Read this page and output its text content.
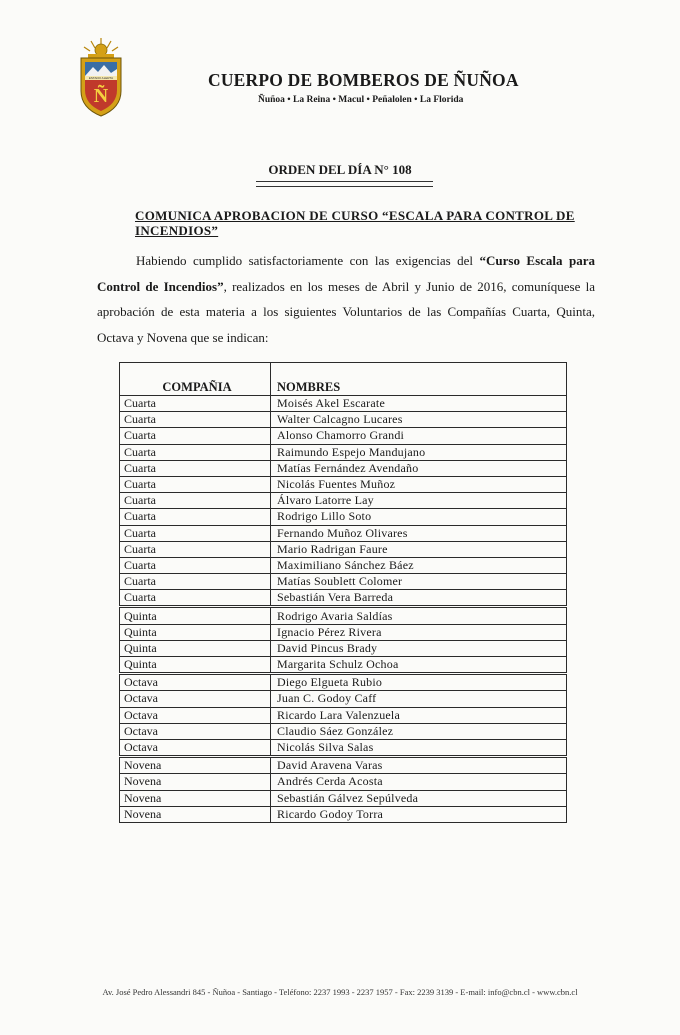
ESTADO ALERTA
Ñ
CUERPO DE BOMBEROS DE ÑUÑOA
Ñuñoa • La Reina • Macul • Peñalolen • La Florida
ORDEN DEL DÍA N° 108
COMUNICA APROBACION DE CURSO “ESCALA PARA CONTROL DE INCENDIOS”
Habiendo cumplido satisfactoriamente con las exigencias del “Curso Escala para Control de Incendios”, realizados en los meses de Abril y Junio de 2016, comuníquese la aprobación de esta materia a los siguientes Voluntarios de las Compañías Cuarta, Quinta, Octava y Novena que se indican:

COMPAÑIA	NOMBRES
Cuarta	Moisés Akel Escarate
Cuarta	Walter Calcagno Lucares
Cuarta	Alonso Chamorro Grandi
Cuarta	Raimundo Espejo Mandujano
Cuarta	Matías Fernández Avendaño
Cuarta	Nicolás Fuentes Muñoz
Cuarta	Álvaro Latorre Lay
Cuarta	Rodrigo Lillo Soto
Cuarta	Fernando Muñoz Olivares
Cuarta	Mario Radrigan Faure
Cuarta	Maximiliano Sánchez Báez
Cuarta	Matías Soublett Colomer
Cuarta	Sebastián Vera Barreda
Quinta	Rodrigo Avaria Saldías
Quinta	Ignacio Pérez Rivera
Quinta	David Pincus Brady
Quinta	Margarita Schulz Ochoa
Octava	Diego Elgueta Rubio
Octava	Juan C. Godoy Caff
Octava	Ricardo Lara Valenzuela
Octava	Claudio Sáez González
Octava	Nicolás Silva Salas
Novena	David Aravena Varas
Novena	Andrés Cerda Acosta
Novena	Sebastián Gálvez Sepúlveda
Novena	Ricardo Godoy Torra
Av. José Pedro Alessandri 845 - Ñuñoa - Santiago - Teléfono: 2237 1993 - 2237 1957 - Fax: 2239 3139 - E-mail: info@cbn.cl - www.cbn.cl
